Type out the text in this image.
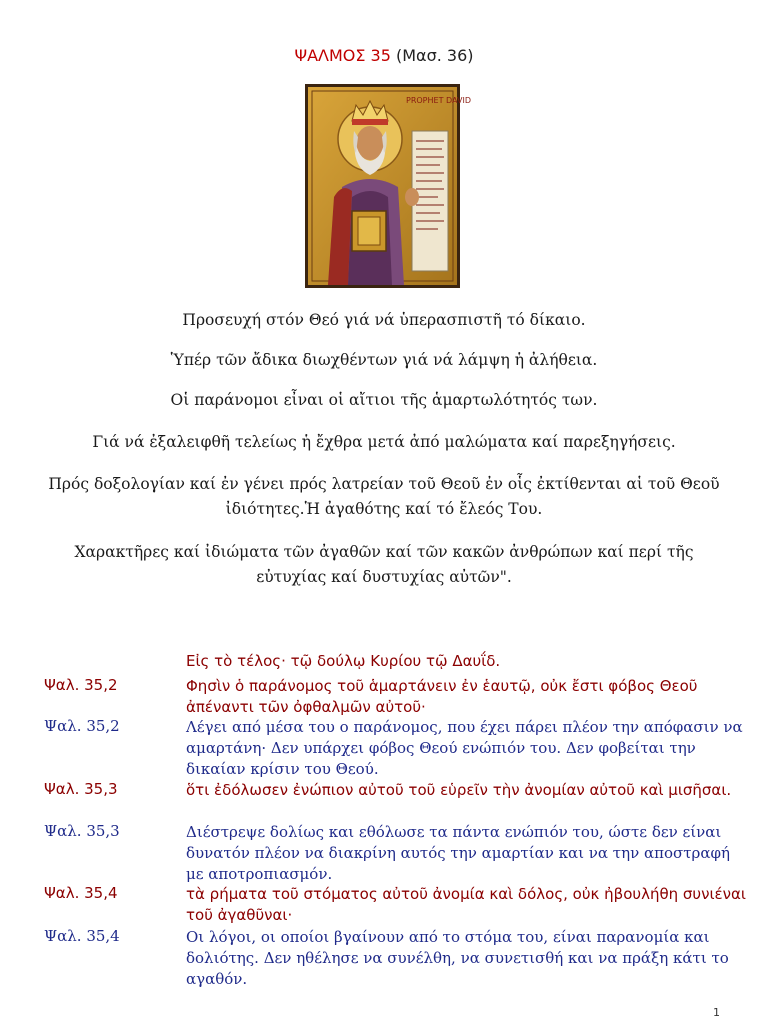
ΨΑΛΜΟΣ 35 (Μασ. 36)
PROPHET DAVID
Προσευχή στόν Θεό γιά νά ὑπερασπιστῆ τό δίκαιο.
Ὑπέρ τῶν ἄδικα διωχθέντων γιά νά λάμψη ἡ ἀλήθεια.
Οἱ παράνομοι εἶναι οἱ αἴτιοι τῆς ἁμαρτωλότητός των.
Γιά νά ἐξαλειφθῆ τελείως ἡ ἔχθρα μετά ἀπό μαλώματα καί παρεξηγήσεις.
Πρός δοξολογίαν καί ἐν γένει πρός λατρείαν τοῦ Θεοῦ ἐν οἷς ἐκτίθενται αἱ τοῦ Θεοῦ ἰδιότητες.Ἡ ἀγαθότης καί τό ἔλεός Του.
Χαρακτῆρες καί ἰδιώματα τῶν ἀγαθῶν καί τῶν κακῶν ἀνθρώπων καί περί τῆς εὐτυχίας καί δυστυχίας αὐτῶν".
Εἰς τὸ τέλος· τῷ δούλῳ Κυρίου τῷ Δαυΐδ.
Ψαλ. 35,2	Φησὶν ὁ παράνομος τοῦ ἁμαρτάνειν ἐν ἑαυτῷ, οὐκ ἔστι φόβος Θεοῦ ἀπέναντι τῶν ὀφθαλμῶν αὐτοῦ·
Ψαλ. 35,2	Λέγει από μέσα του ο παράνομος, που έχει πάρει πλέον την απόφασιν να αμαρτάνη· Δεν υπάρχει φόβος Θεού ενώπιόν του. Δεν φοβείται την δικαίαν κρίσιν του Θεού.
Ψαλ. 35,3	ὅτι ἐδόλωσεν ἐνώπιον αὐτοῦ τοῦ εὑρεῖν τὴν ἀνομίαν αὐτοῦ καὶ μισῆσαι.
Ψαλ. 35,3	Διέστρεψε δολίως και εθόλωσε τα πάντα ενώπιόν του, ώστε δεν είναι δυνατόν πλέον να διακρίνη αυτός την αμαρτίαν και να την αποστραφή με αποτροπιασμόν.
Ψαλ. 35,4	τὰ ρήματα τοῦ στόματος αὐτοῦ ἀνομία καὶ δόλος, οὐκ ἠβουλήθη συνιέναι τοῦ ἀγαθῦναι·
Ψαλ. 35,4	Οι λόγοι, οι οποίοι βγαίνουν από το στόμα του, είναι παρανομία και δολιότης. Δεν ηθέλησε να συνέλθη, να συνετισθή και να πράξη κάτι το αγαθόν.
1
